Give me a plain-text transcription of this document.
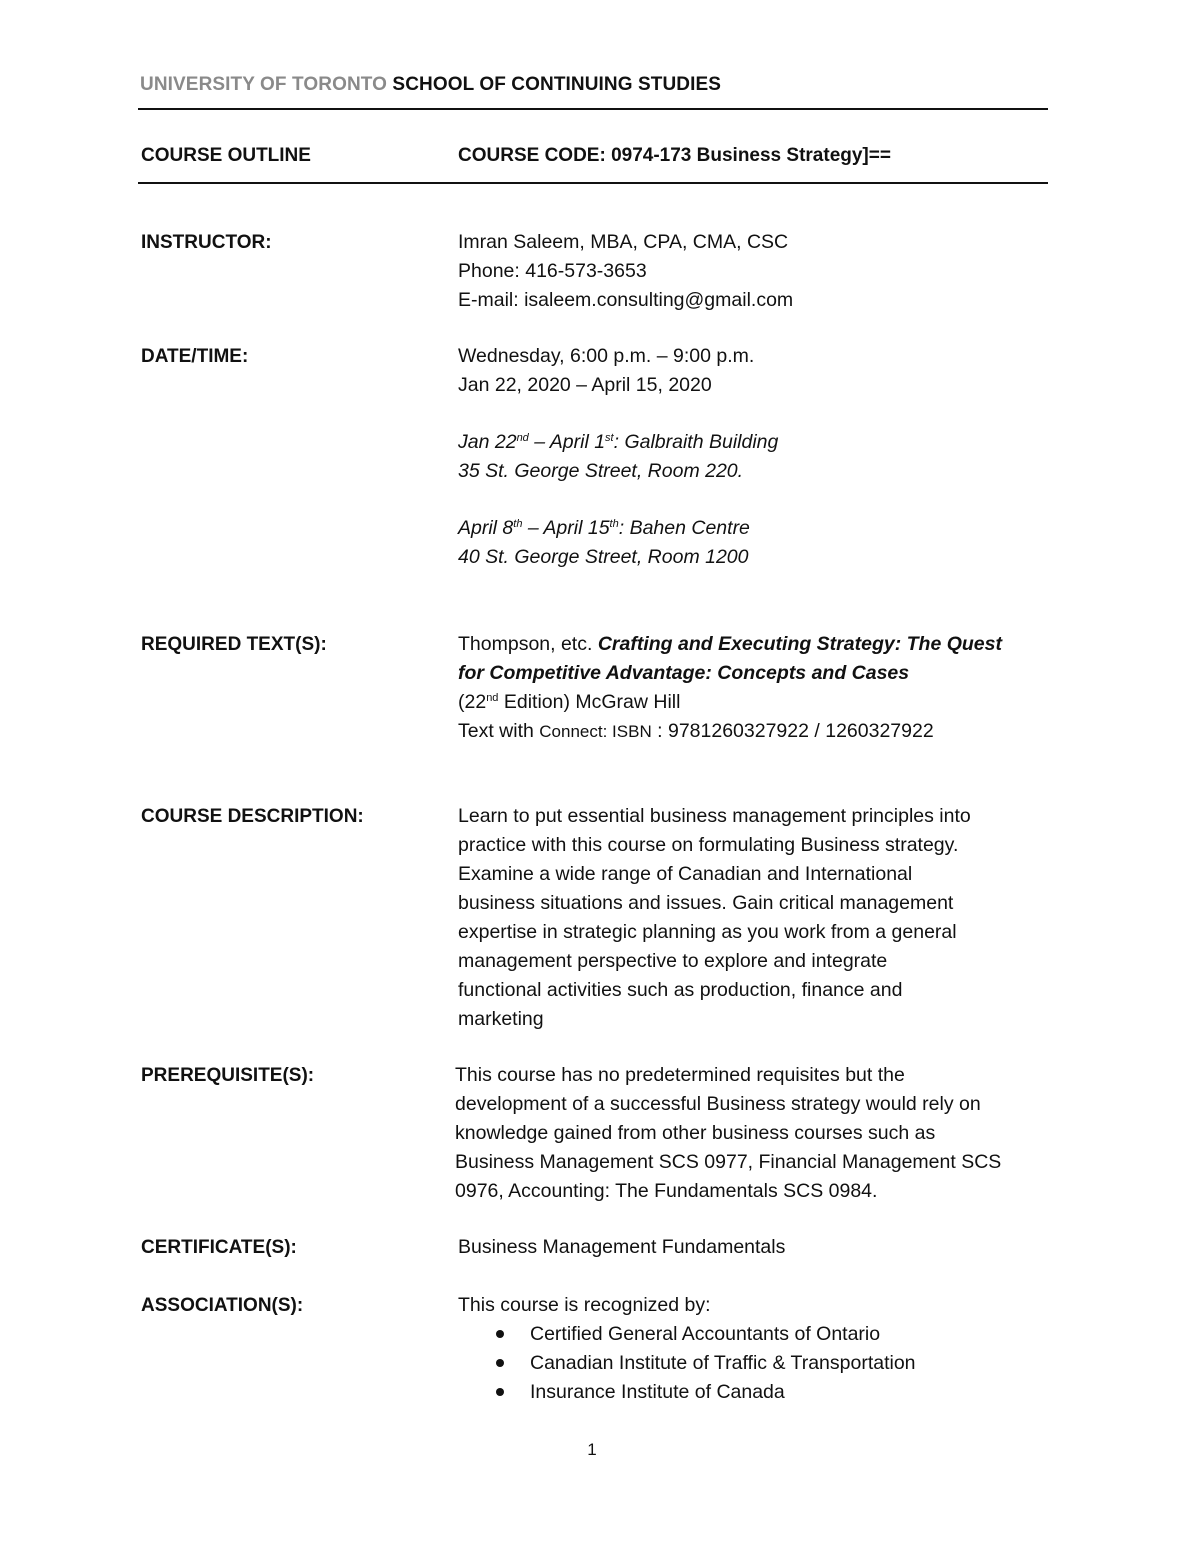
UNIVERSITY OF TORONTO SCHOOL OF CONTINUING STUDIES
COURSE OUTLINE	COURSE CODE: 0974-173 Business Strategy]==
INSTRUCTOR:	Imran Saleem, MBA, CPA, CMA, CSC
Phone: 416-573-3653
E-mail: isaleem.consulting@gmail.com
DATE/TIME:	Wednesday, 6:00 p.m. – 9:00 p.m.
Jan 22, 2020 – April 15, 2020
Jan 22nd – April 1st: Galbraith Building
35 St. George Street, Room 220.
April 8th – April 15th: Bahen Centre
40 St. George Street, Room 1200
REQUIRED TEXT(S):	Thompson, etc. Crafting and Executing Strategy: The Quest
for Competitive Advantage: Concepts and Cases
(22nd Edition) McGraw Hill
Text with Connect: ISBN : 9781260327922 / 1260327922
COURSE DESCRIPTION:	Learn to put essential business management principles into
practice with this course on formulating Business strategy.
Examine a wide range of Canadian and International
business situations and issues. Gain critical management
expertise in strategic planning as you work from a general
management perspective to explore and integrate
functional activities such as production, finance and
marketing
PREREQUISITE(S):	This course has no predetermined requisites but the
development of a successful Business strategy would rely on
knowledge gained from other business courses such as
Business Management SCS 0977, Financial Management SCS
0976, Accounting: The Fundamentals SCS 0984.
CERTIFICATE(S):	Business Management Fundamentals
ASSOCIATION(S):	This course is recognized by:
Certified General Accountants of Ontario
Canadian Institute of Traffic & Transportation
Insurance Institute of Canada
1
